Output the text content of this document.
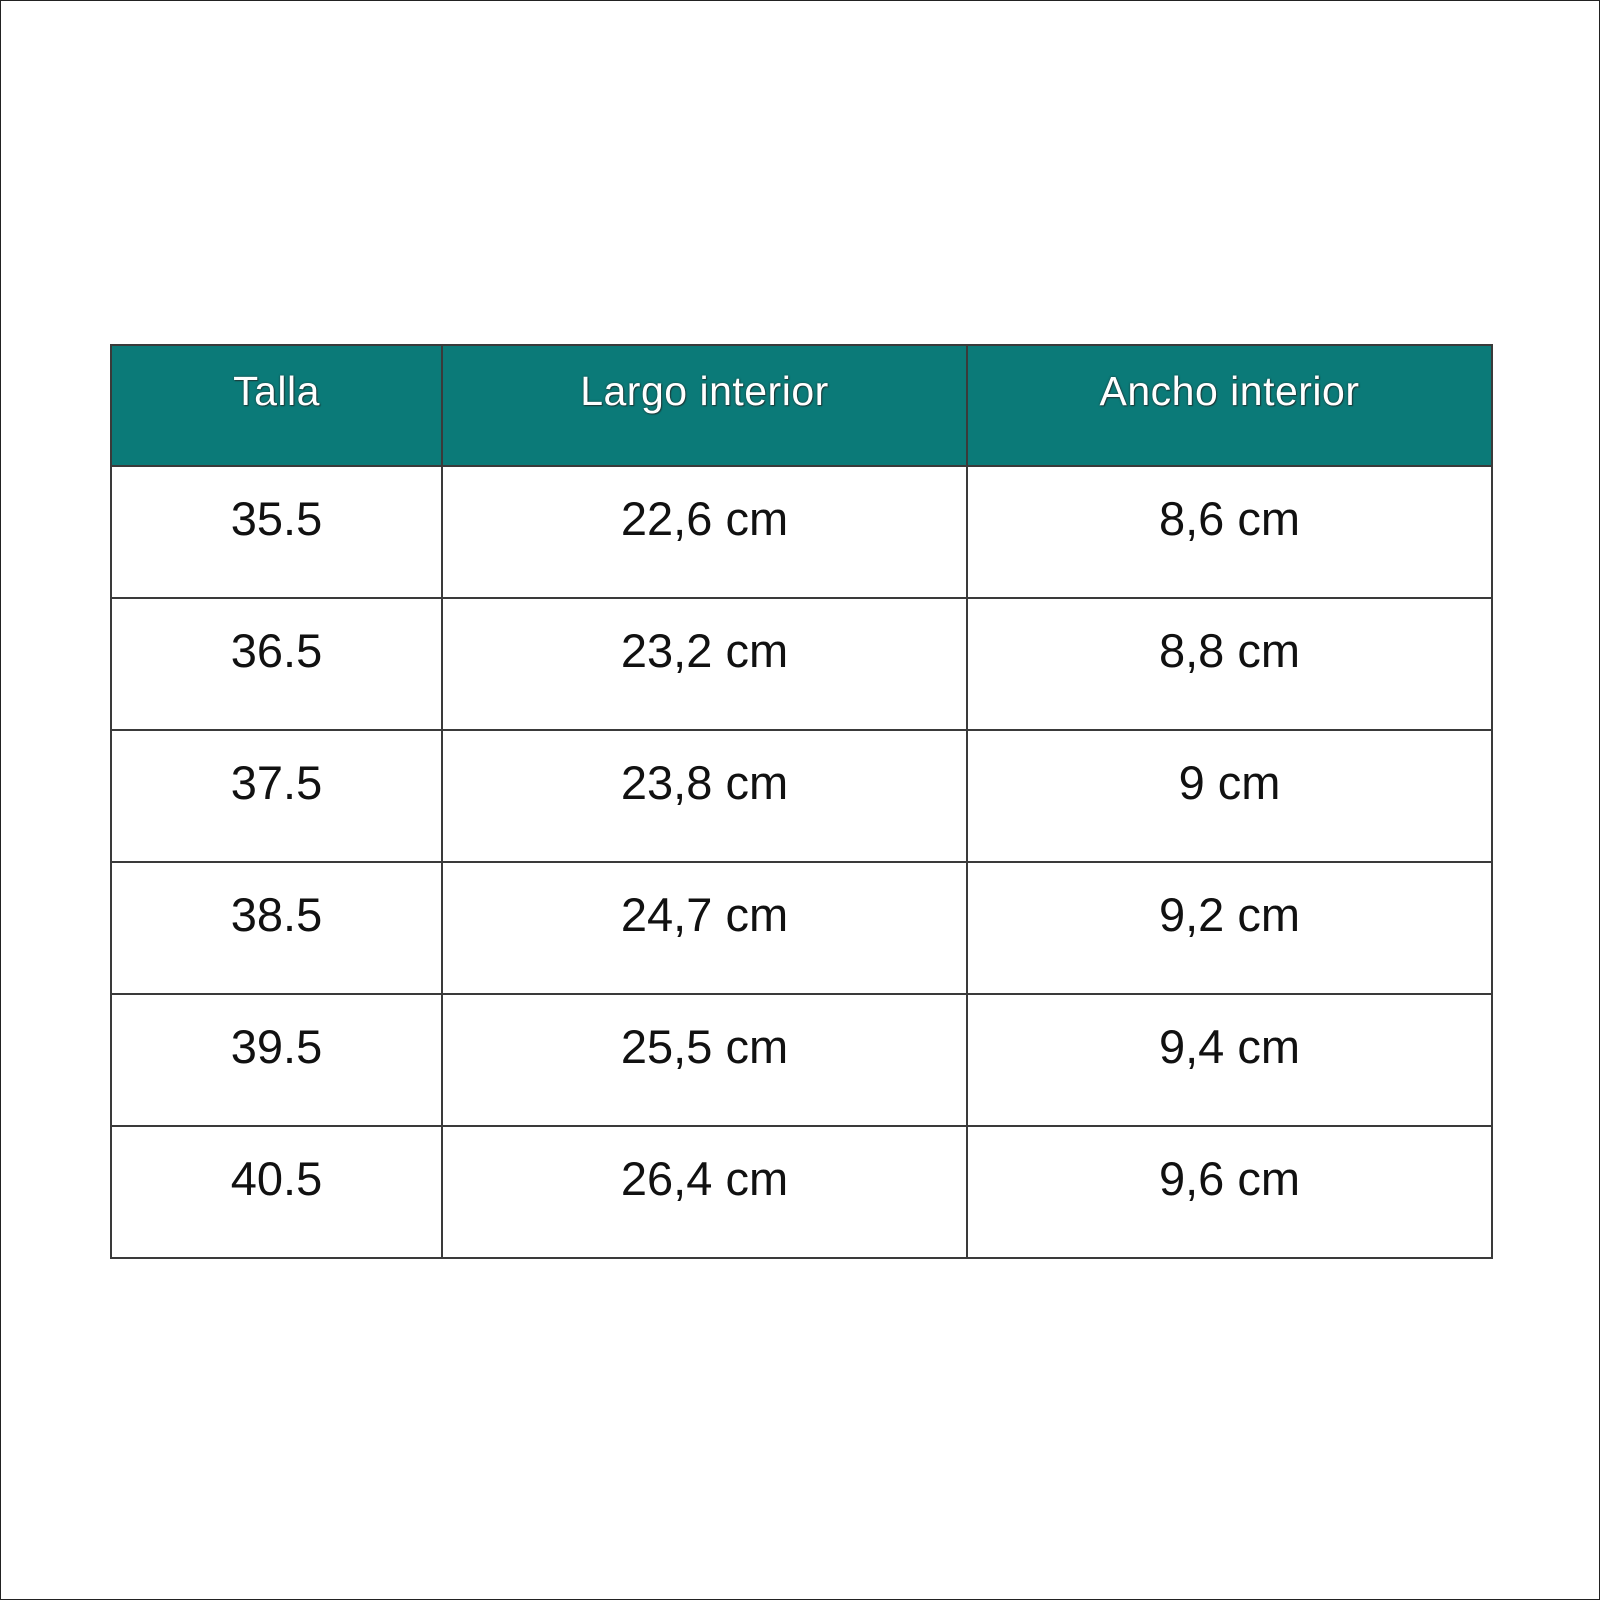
Talla	Largo interior	Ancho interior
35.5	22,6 cm	8,6 cm
36.5	23,2 cm	8,8 cm
37.5	23,8 cm	9 cm
38.5	24,7 cm	9,2 cm
39.5	25,5 cm	9,4 cm
40.5	26,4 cm	9,6 cm
